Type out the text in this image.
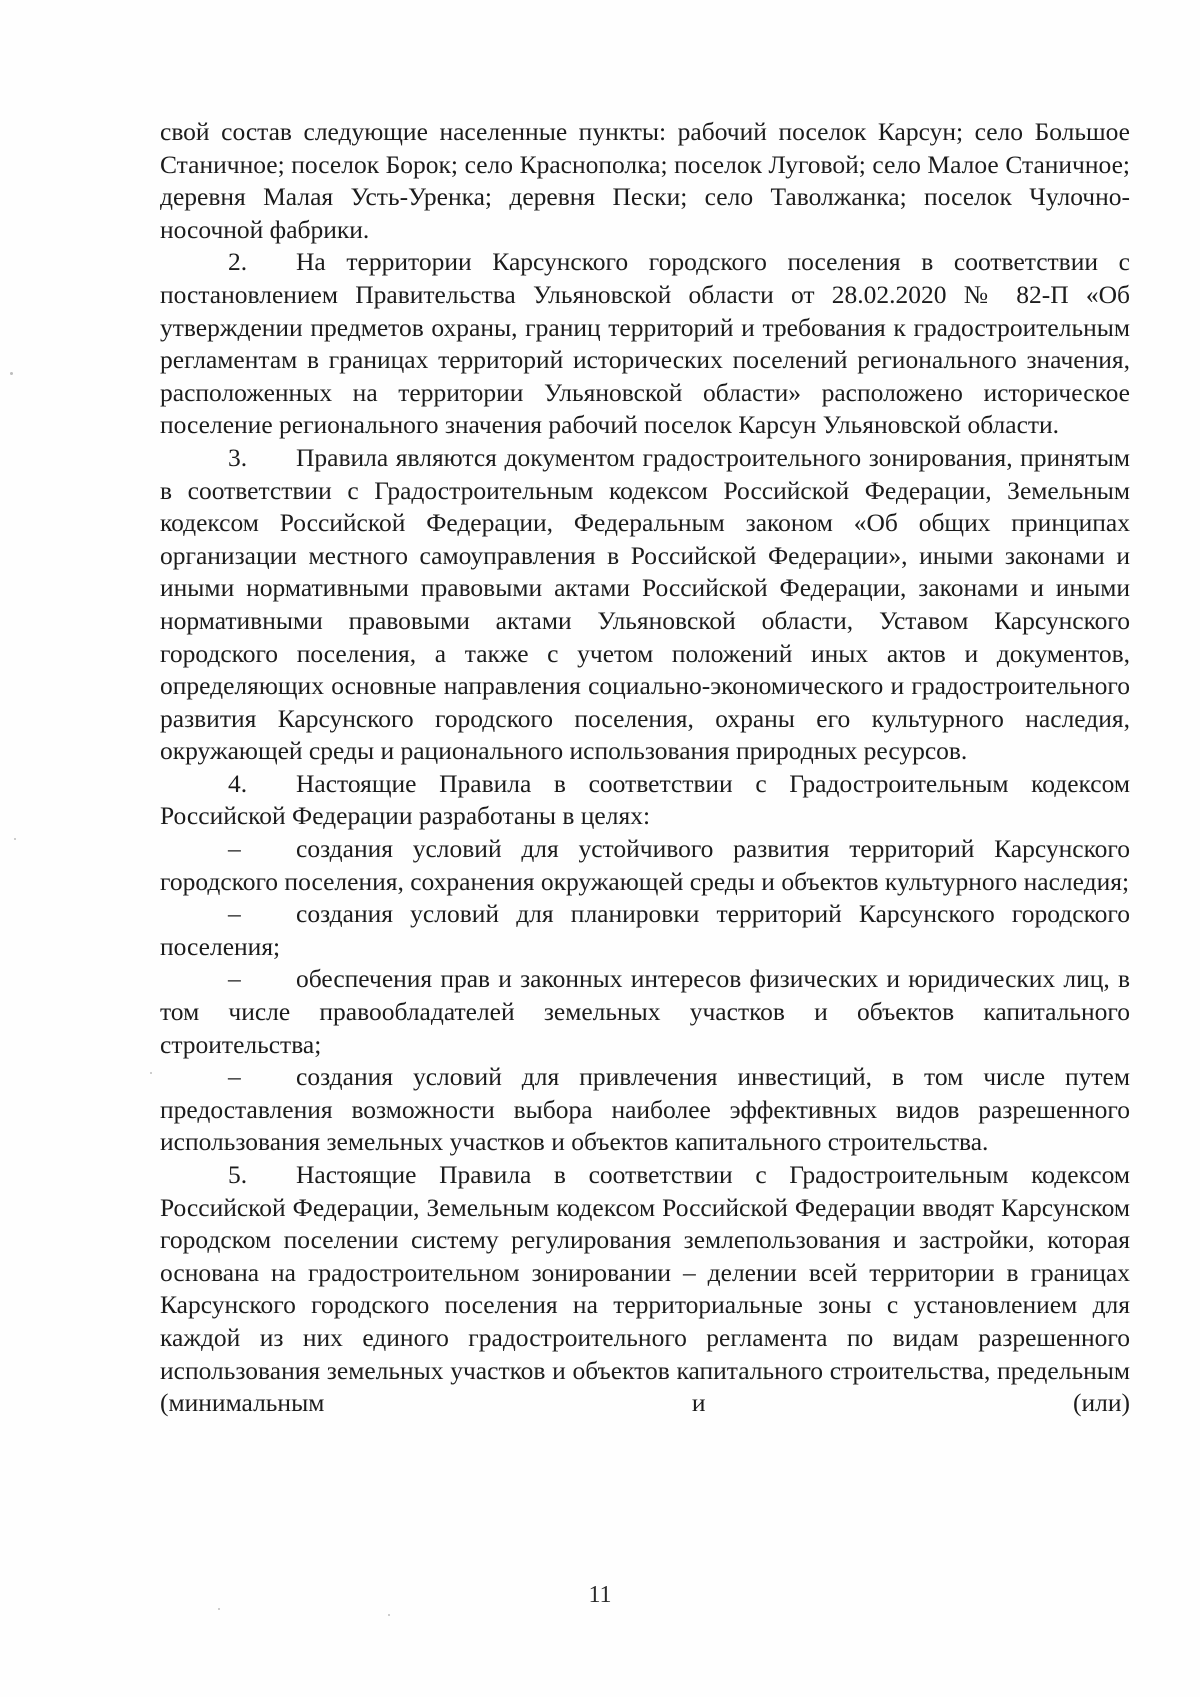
свой состав следующие населенные пункты: рабочий поселок Карсун; село Большое Станичное; поселок Борок; село Краснополка; поселок Луговой; село Малое Станичное; деревня Малая Усть-Уренка; деревня Пески; село Таволжанка; поселок Чулочно-носочной фабрики.

2. На территории Карсунского городского поселения в соответствии с постановлением Правительства Ульяновской области от 28.02.2020 № 82-П «Об утверждении предметов охраны, границ территорий и требования к градостроительным регламентам в границах территорий исторических поселений регионального значения, расположенных на территории Ульяновской области» расположено историческое поселение регионального значения рабочий поселок Карсун Ульяновской области.

3. Правила являются документом градостроительного зонирования, принятым в соответствии с Градостроительным кодексом Российской Федерации, Земельным кодексом Российской Федерации, Федеральным законом «Об общих принципах организации местного самоуправления в Российской Федерации», иными законами и иными нормативными правовыми актами Российской Федерации, законами и иными нормативными правовыми актами Ульяновской области, Уставом Карсунского городского поселения, а также с учетом положений иных актов и документов, определяющих основные направления социально-экономического и градостроительного развития Карсунского городского поселения, охраны его культурного наследия, окружающей среды и рационального использования природных ресурсов.

4. Настоящие Правила в соответствии с Градостроительным кодексом Российской Федерации разработаны в целях:

– создания условий для устойчивого развития территорий Карсунского городского поселения, сохранения окружающей среды и объектов культурного наследия;

– создания условий для планировки территорий Карсунского городского поселения;

– обеспечения прав и законных интересов физических и юридических лиц, в том числе правообладателей земельных участков и объектов капитального строительства;

– создания условий для привлечения инвестиций, в том числе путем предоставления возможности выбора наиболее эффективных видов разрешенного использования земельных участков и объектов капитального строительства.

5. Настоящие Правила в соответствии с Градостроительным кодексом Российской Федерации, Земельным кодексом Российской Федерации вводят Карсунском городском поселении систему регулирования землепользования и застройки, которая основана на градостроительном зонировании – делении всей территории в границах Карсунского городского поселения на территориальные зоны с установлением для каждой из них единого градостроительного регламента по видам разрешенного использования земельных участков и объектов капитального строительства, предельным (минимальным и (или)

11
